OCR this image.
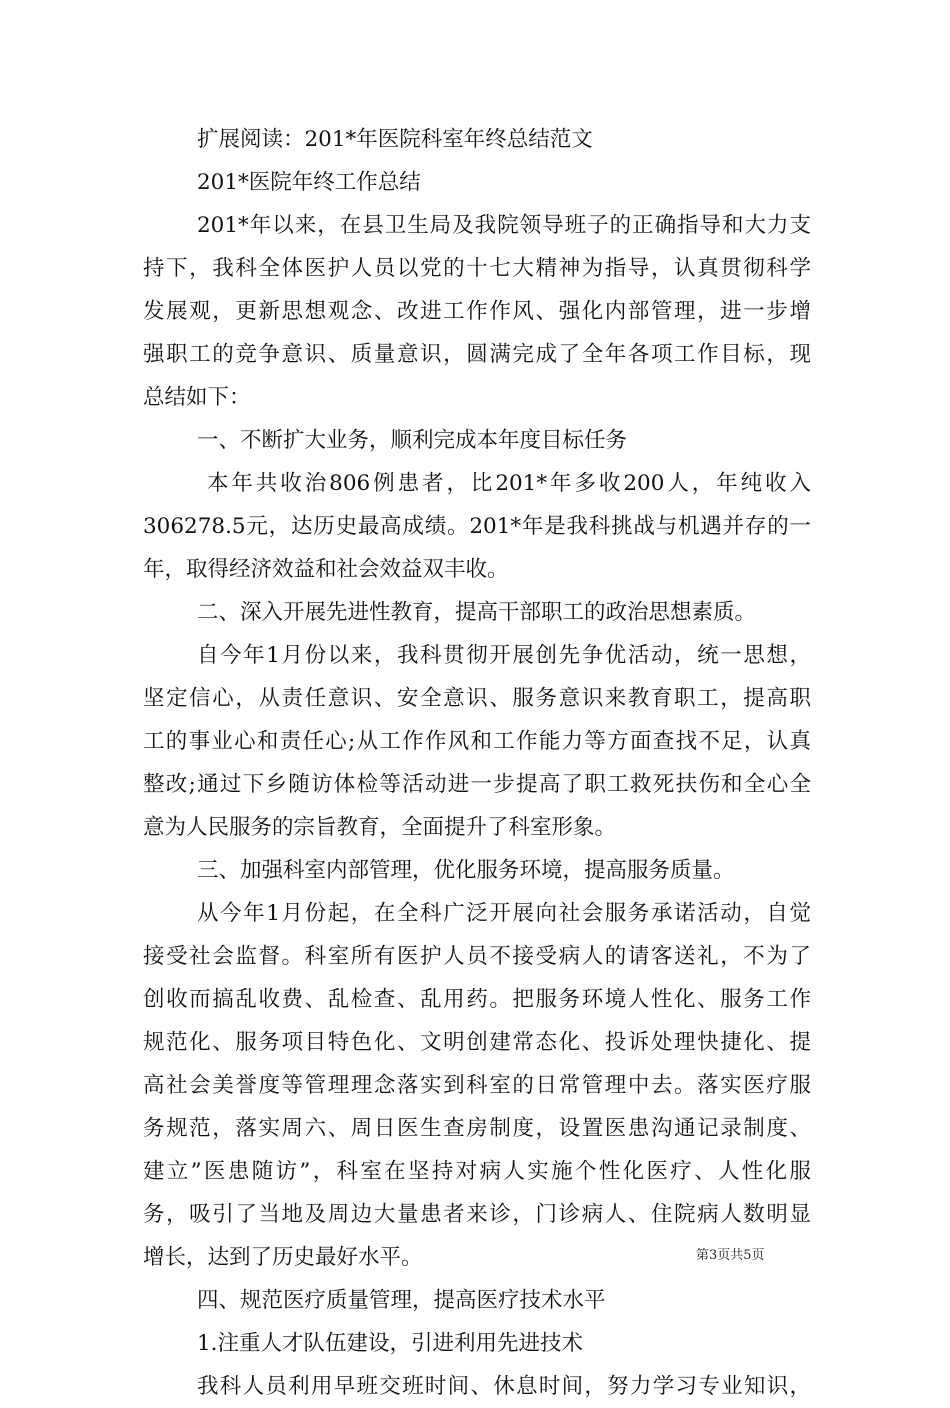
扩展阅读：201*年医院科室年终总结范文
201*医院年终工作总结
201*年以来，在县卫生局及我院领导班子的正确指导和大力支
持下，我科全体医护人员以党的十七大精神为指导，认真贯彻科学
发展观，更新思想观念、改进工作作风、强化内部管理，进一步增
强职工的竞争意识、质量意识，圆满完成了全年各项工作目标，现
总结如下：
一、不断扩大业务，顺利完成本年度目标任务
本年共收治806例患者，比201*年多收200人，年纯收入
306278.5元，达历史最高成绩。201*年是我科挑战与机遇并存的一
年，取得经济效益和社会效益双丰收。
二、深入开展先进性教育，提高干部职工的政治思想素质。
自今年1月份以来，我科贯彻开展创先争优活动，统一思想，
坚定信心，从责任意识、安全意识、服务意识来教育职工，提高职
工的事业心和责任心;从工作作风和工作能力等方面查找不足，认真
整改;通过下乡随访体检等活动进一步提高了职工救死扶伤和全心全
意为人民服务的宗旨教育，全面提升了科室形象。
三、加强科室内部管理，优化服务环境，提高服务质量。
从今年1月份起，在全科广泛开展向社会服务承诺活动，自觉
接受社会监督。科室所有医护人员不接受病人的请客送礼，不为了
创收而搞乱收费、乱检查、乱用药。把服务环境人性化、服务工作
规范化、服务项目特色化、文明创建常态化、投诉处理快捷化、提
高社会美誉度等管理理念落实到科室的日常管理中去。落实医疗服
务规范，落实周六、周日医生查房制度，设置医患沟通记录制度、
建立”医患随访”，科室在坚持对病人实施个性化医疗、人性化服
务，吸引了当地及周边大量患者来诊，门诊病人、住院病人数明显
增长，达到了历史最好水平。
四、规范医疗质量管理，提高医疗技术水平
1.注重人才队伍建设，引进利用先进技术
我科人员利用早班交班时间、休息时间，努力学习专业知识，
第3页共5页
